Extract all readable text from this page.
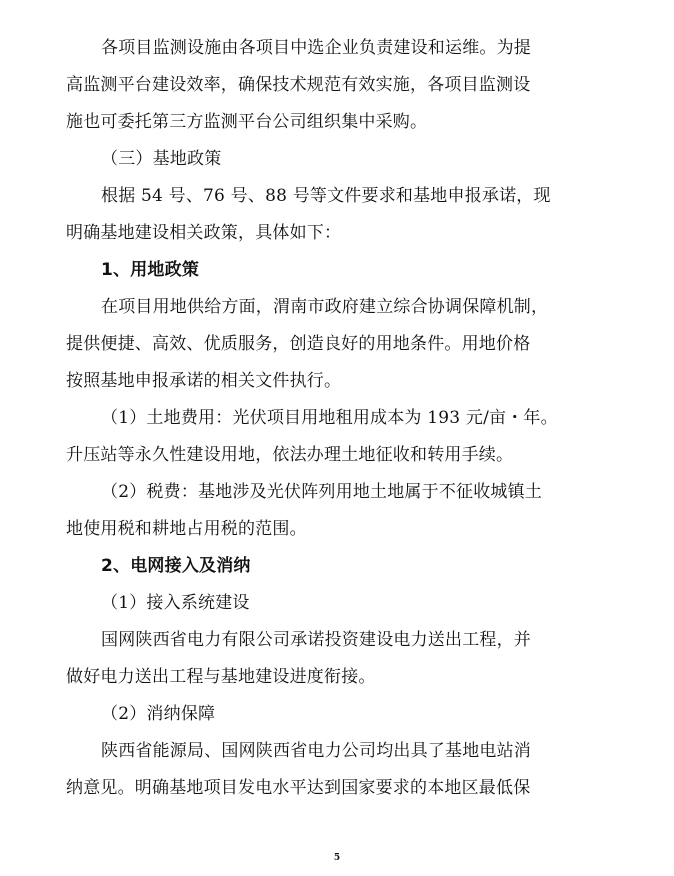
各项目监测设施由各项目中选企业负责建设和运维。为提
高监测平台建设效率，确保技术规范有效实施，各项目监测设
施也可委托第三方监测平台公司组织集中采购。
（三）基地政策
根据 54 号、76 号、88 号等文件要求和基地申报承诺，现
明确基地建设相关政策，具体如下：
1、用地政策
在项目用地供给方面，渭南市政府建立综合协调保障机制，
提供便捷、高效、优质服务，创造良好的用地条件。用地价格
按照基地申报承诺的相关文件执行。
（1）土地费用：光伏项目用地租用成本为 193 元/亩・年。
升压站等永久性建设用地，依法办理土地征收和转用手续。
（2）税费：基地涉及光伏阵列用地土地属于不征收城镇土
地使用税和耕地占用税的范围。
2、电网接入及消纳
（1）接入系统建设
国网陕西省电力有限公司承诺投资建设电力送出工程，并
做好电力送出工程与基地建设进度衔接。
（2）消纳保障
陕西省能源局、国网陕西省电力公司均出具了基地电站消
纳意见。明确基地项目发电水平达到国家要求的本地区最低保
5
